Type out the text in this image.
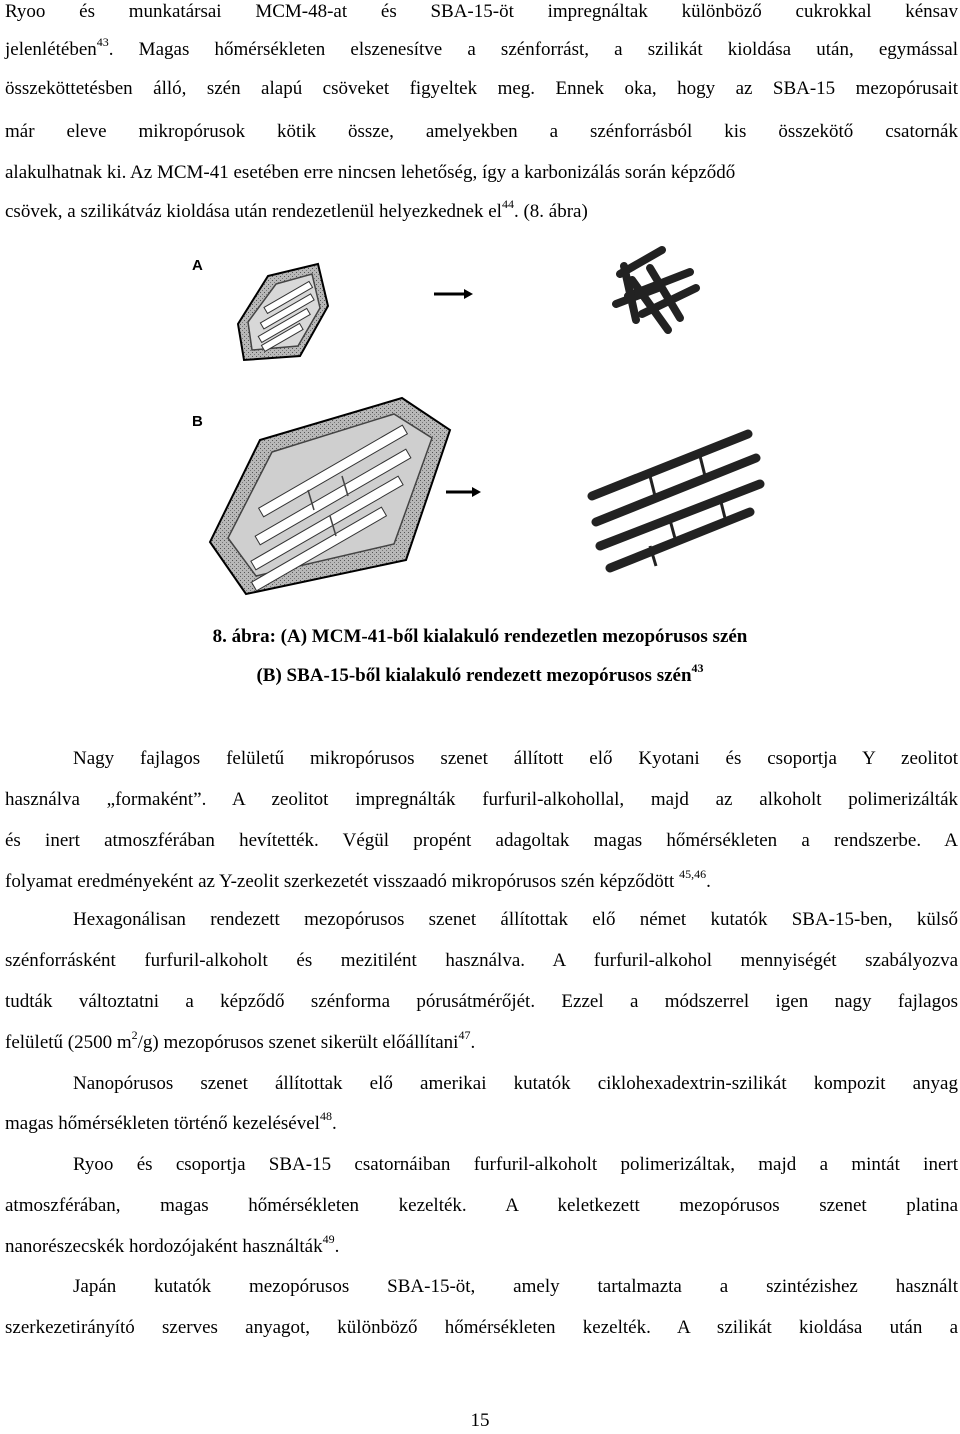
Ryoo és munkatársai MCM-48-at és SBA-15-öt impregnáltak különböző cukrokkal kénsav
jelenlétében$^{43}$. Magas hőmérsékleten elszenesítve a szénforrást, a szilikát kioldása után, egymással
összeköttetésben álló, szén alapú csöveket figyeltek meg. Ennek oka, hogy az SBA-15 mezopórusait
már eleve mikropórusok kötik össze, amelyekben a szénforrásból kis összekötő csatornák
alakulhatnak ki. Az MCM-41 esetében erre nincsen lehetőség, így a karbonizálás során képződő
csövek, a szilikátváz kioldása után rendezetlenül helyezkednek $el^{44}$. (8. ábra)
A
B
8. ábra: (A) MCM-41-ből kialakuló rendezetlen mezopórusos szén
(B) SBA-15-ből kialakuló rendezett mezopórusos szén$^{43}$
Nagy fajlagos felületű mikropórusos szenet állított elő Kyotani és csoportja Y zeolitot
használva „formaként”. A zeolitot impregnálták furfuril-alkohollal, majd az alkoholt polimerizálták
és inert atmoszférában hevítették. Végül propént adagoltak magas hőmérsékleten a rendszerbe. A
folyamat eredményeként az Y-zeolit szerkezetét visszaadó mikropórusos szén képződött $^{45,46}$.
Hexagonálisan rendezett mezopórusos szenet állítottak elő német kutatók SBA-15-ben, külső
szénforrásként furfuril-alkoholt és mezitilént használva. A furfuril-alkohol mennyiségét szabályozva
tudták változtatni a képződő szénforma pórusátmérőjét. Ezzel a módszerrel igen nagy fajlagos
felületű (2500 $m^2/g$) mezopórusos szenet sikerült előállítani$^{47}$.
Nanopórusos szenet állítottak elő amerikai kutatók ciklohexadextrin-szilikát kompozit anyag
magas hőmérsékleten történő kezelésével$^{48}$.
Ryoo és csoportja SBA-15 csatornáiban furfuril-alkoholt polimerizáltak, majd a mintát inert
atmoszférában, magas hőmérsékleten kezelték. A keletkezett mezopórusos szenet platina
nanorészecskék hordozójaként használták$^{49}$.
Japán kutatók mezopórusos SBA-15-öt, amely tartalmazta a szintézishez használt
szerkezetirányító szerves anyagot, különböző hőmérsékleten kezelték. A szilikát kioldása után a
15
